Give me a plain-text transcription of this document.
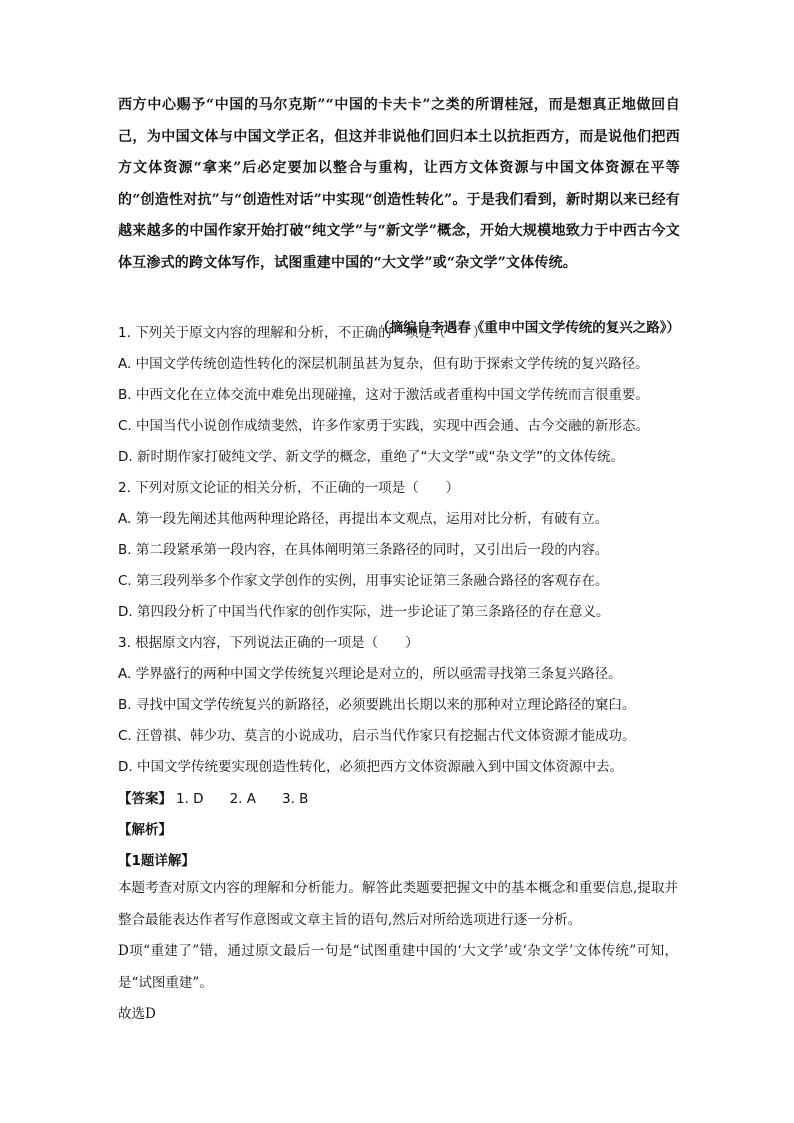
西方中心赐予“中国的马尔克斯”“中国的卡夫卡”之类的所谓桂冠，而是想真正地做回自己，为中国文体与中国文学正名，但这并非说他们回归本土以抗拒西方，而是说他们把西方文体资源“拿来”后必定要加以整合与重构，让西方文体资源与中国文体资源在平等的“创造性对抗”与“创造性对话”中实现“创造性转化”。于是我们看到，新时期以来已经有越来越多的中国作家开始打破“纯文学”与“新文学”概念，开始大规模地致力于中西古今文体互渗式的跨文体写作，试图重建中国的“大文学”或“杂文学”文体传统。
（摘编自李遇春《重申中国文学传统的复兴之路》）
1. 下列关于原文内容的理解和分析，不正确的一项是（　　）
A. 中国文学传统创造性转化的深层机制虽甚为复杂，但有助于探索文学传统的复兴路径。
B. 中西文化在立体交流中难免出现碰撞，这对于激活或者重构中国文学传统而言很重要。
C. 中国当代小说创作成绩斐然，许多作家勇于实践，实现中西会通、古今交融的新形态。
D. 新时期作家打破纯文学、新文学的概念，重绝了“大文学”或“杂文学”的文体传统。
2. 下列对原文论证的相关分析，不正确的一项是（　　）
A. 第一段先阐述其他两种理论路径，再提出本文观点，运用对比分析，有破有立。
B. 第二段紧承第一段内容，在具体阐明第三条路径的同时，又引出后一段的内容。
C. 第三段列举多个作家文学创作的实例，用事实论证第三条融合路径的客观存在。
D. 第四段分析了中国当代作家的创作实际，进一步论证了第三条路径的存在意义。
3. 根据原文内容，下列说法正确的一项是（　　）
A. 学界盛行的两种中国文学传统复兴理论是对立的，所以亟需寻找第三条复兴路径。
B. 寻找中国文学传统复兴的新路径，必须要跳出长期以来的那种对立理论路径的窠臼。
C. 汪曾祺、韩少功、莫言的小说成功，启示当代作家只有挖掘古代文体资源才能成功。
D. 中国文学传统要实现创造性转化，必须把西方文体资源融入到中国文体资源中去。
【答案】 1. D 2. A 3. B
【解析】
【1题详解】
本题考查对原文内容的理解和分析能力。解答此类题要把握文中的基本概念和重要信息,提取并整合最能表达作者写作意图或文章主旨的语句,然后对所给选项进行逐一分析。
D项“重建了”错，通过原文最后一句是“试图重建中国的‘大文学’或‘杂文学’文体传统”可知，是“试图重建”。
故选D
